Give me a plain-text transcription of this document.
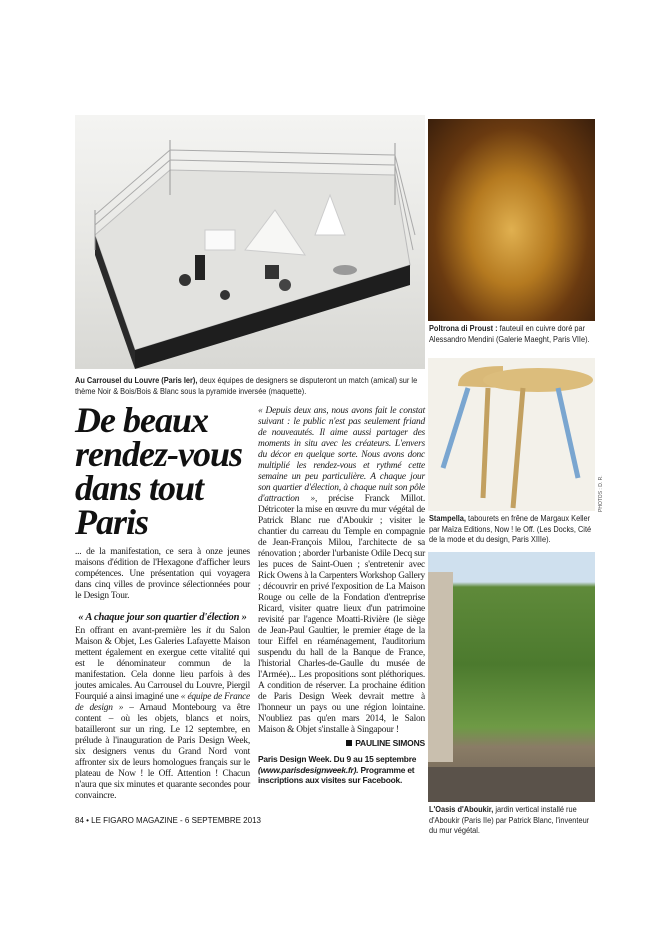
Poltrona di Proust : fauteuil en cuivre doré par Alessandro Mendini (Galerie Maeght, Paris VIIe).
PHOTOS : D. R.
Stampella, tabourets en frêne de Margaux Keller par Maïza Editions, Now ! le Off. (Les Docks, Cité de la mode et du design, Paris XIIIe).
L'Oasis d'Aboukir, jardin vertical installé rue d'Aboukir (Paris IIe) par Patrick Blanc, l'inventeur du mur végétal.
Au Carrousel du Louvre (Paris Ier), deux équipes de designers se disputeront un match (amical) sur le thème Noir & Bois/Bois & Blanc sous la pyramide inversée (maquette).
De beaux rendez-vous dans tout Paris

... de la manifestation, ce sera à onze jeunes maisons d'édition de l'Hexagone d'afficher leurs compétences. Une présentation qui voyagera dans cinq villes de province sélectionnées pour le Design Tour.

« A chaque jour son quartier d'élection »

En offrant en avant-première les it du Salon Maison & Objet, Les Galeries Lafayette Maison mettent également en exergue cette vitalité qui est le dénominateur commun de la manifestation. Cela donne lieu parfois à des joutes amicales. Au Carrousel du Louvre, Piergil Fourquié a ainsi imaginé une « équipe de France de design » – Arnaud Montebourg va être content – où les objets, blancs et noirs, batailleront sur un ring. Le 12 septembre, en prélude à l'inauguration de Paris Design Week, six designers venus du Grand Nord vont affronter six de leurs homologues français sur le plateau de Now ! le Off. Attention ! Chacun n'aura que six minutes et quarante secondes pour convaincre.

84 • LE FIGARO MAGAZINE - 6 SEPTEMBRE 2013

« Depuis deux ans, nous avons fait le constat suivant : le public n'est pas seulement friand de nouveautés. Il aime aussi partager des moments in situ avec les créateurs. L'envers du décor en quelque sorte. Nous avons donc multiplié les rendez-vous et rythmé cette semaine un peu particulière. A chaque jour son quartier d'élection, à chaque nuit son pôle d'attraction », précise Franck Millot. Détricoter la mise en œuvre du mur végétal de Patrick Blanc rue d'Aboukir ; visiter le chantier du carreau du Temple en compagnie de Jean-François Milou, l'architecte de sa rénovation ; aborder l'urbaniste Odile Decq sur les puces de Saint-Ouen ; s'entretenir avec Rick Owens à la Carpenters Workshop Gallery ; découvrir en privé l'exposition de La Maison Rouge ou celle de la Fondation d'entreprise Ricard, visiter quatre lieux d'un patrimoine revisité par l'agence Moatti-Rivière (le siège de Jean-Paul Gaultier, le premier étage de la tour Eiffel en réaménagement, l'auditorium suspendu du hall de la Banque de France, l'historial Charles-de-Gaulle du musée de l'Armée)... Les propositions sont pléthoriques. A condition de réserver. La prochaine édition de Paris Design Week devrait mettre à l'honneur un pays ou une région lointaine. N'oubliez pas qu'en mars 2014, le Salon Maison & Objet s'installe à Singapour !

PAULINE SIMONS
Paris Design Week. Du 9 au 15 septembre (www.parisdesignweek.fr). Programme et inscriptions aux visites sur Facebook.
